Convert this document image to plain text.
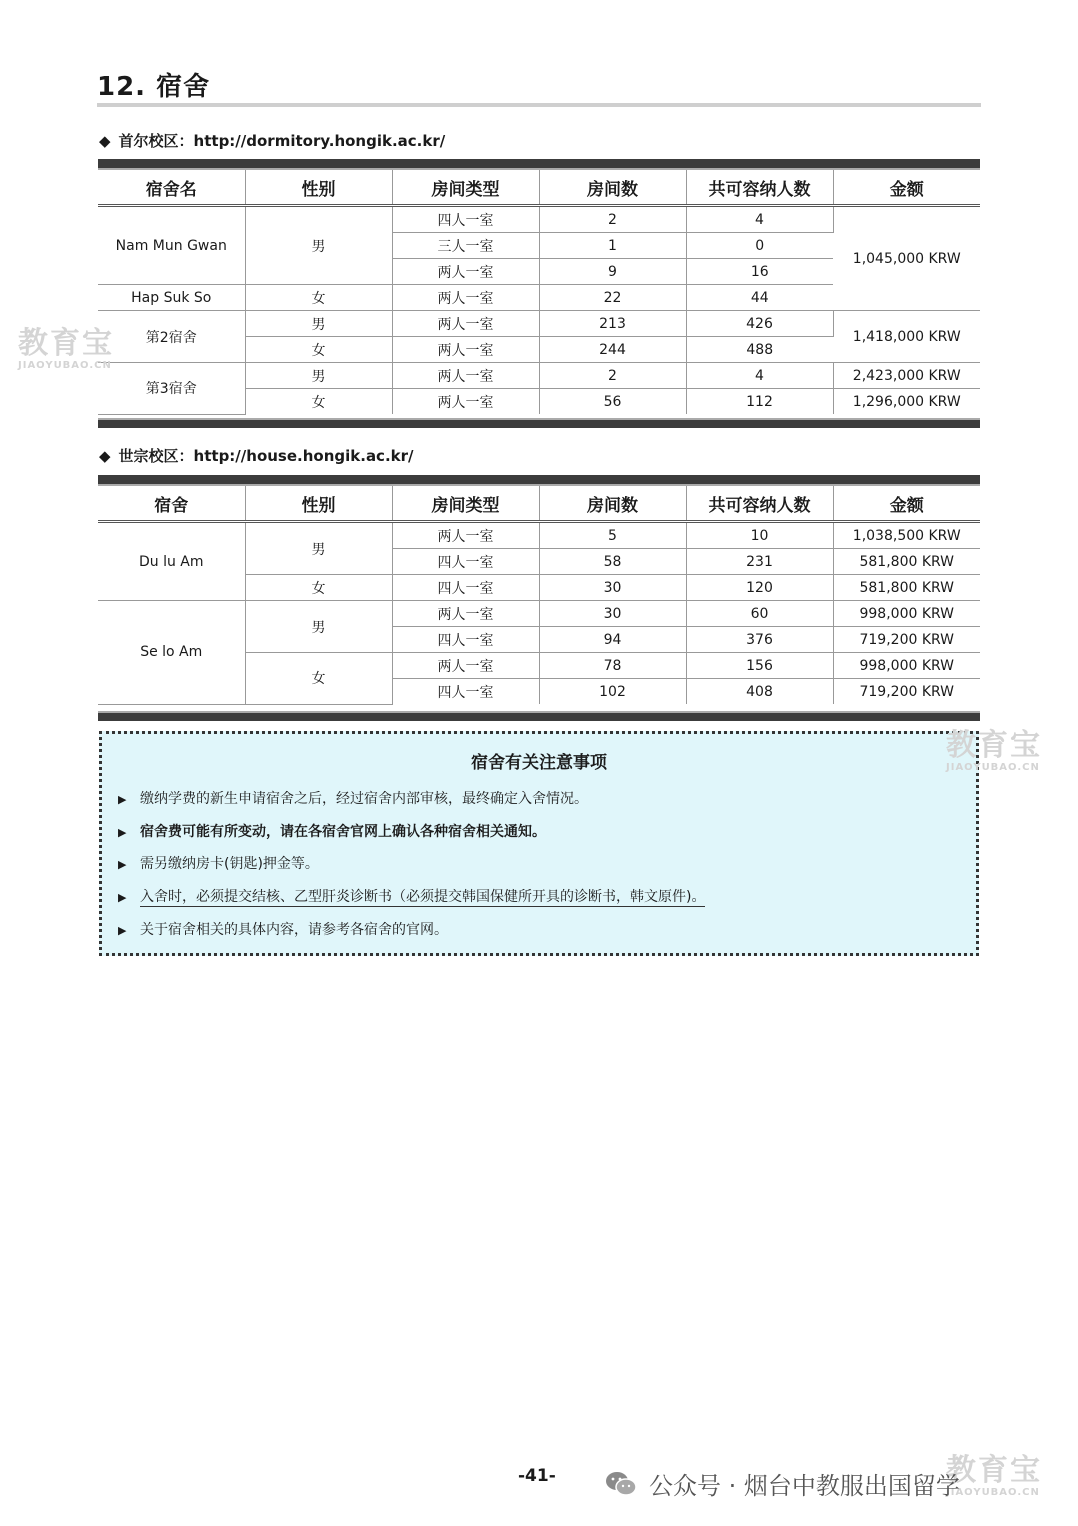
12. 宿舍
◆ 首尔校区：http://dormitory.hongik.ac.kr/
宿舍名	性别	房间类型	房间数	共可容纳人数	金额
Nam Mun Gwan	男	四人一室	2	4	1,045,000 KRW
		三人一室	1	0	
		两人一室	9	16	
Hap Suk So	女	两人一室	22	44	
第2宿舍	男	两人一室	213	426	1,418,000 KRW
	女	两人一室	244	488	
第3宿舍	男	两人一室	2	4	2,423,000 KRW
	女	两人一室	56	112	1,296,000 KRW
◆ 世宗校区：http://house.hongik.ac.kr/
宿舍	性别	房间类型	房间数	共可容纳人数	金额
Du lu Am	男	两人一室	5	10	1,038,500 KRW
		四人一室	58	231	581,800 KRW
	女	四人一室	30	120	581,800 KRW
Se lo Am	男	两人一室	30	60	998,000 KRW
		四人一室	94	376	719,200 KRW
	女	两人一室	78	156	998,000 KRW
		四人一室	102	408	719,200 KRW
宿舍有关注意事项
▶ 缴纳学费的新生申请宿舍之后，经过宿舍内部审核，最终确定入舍情况。
▶ 宿舍费可能有所变动，请在各宿舍官网上确认各种宿舍相关通知。
▶ 需另缴纳房卡(钥匙)押金等。
▶ 入舍时，必须提交结核、乙型肝炎诊断书（必须提交韩国保健所开具的诊断书，韩文原件)。
▶ 关于宿舍相关的具体内容，请参考各宿舍的官网。
教育宝
JIAOYUBAO.CN
教育宝
JIAOYUBAO.CN
教育宝
JIAOYUBAO.CN
-41-	公众号 · 烟台中教服出国留学
